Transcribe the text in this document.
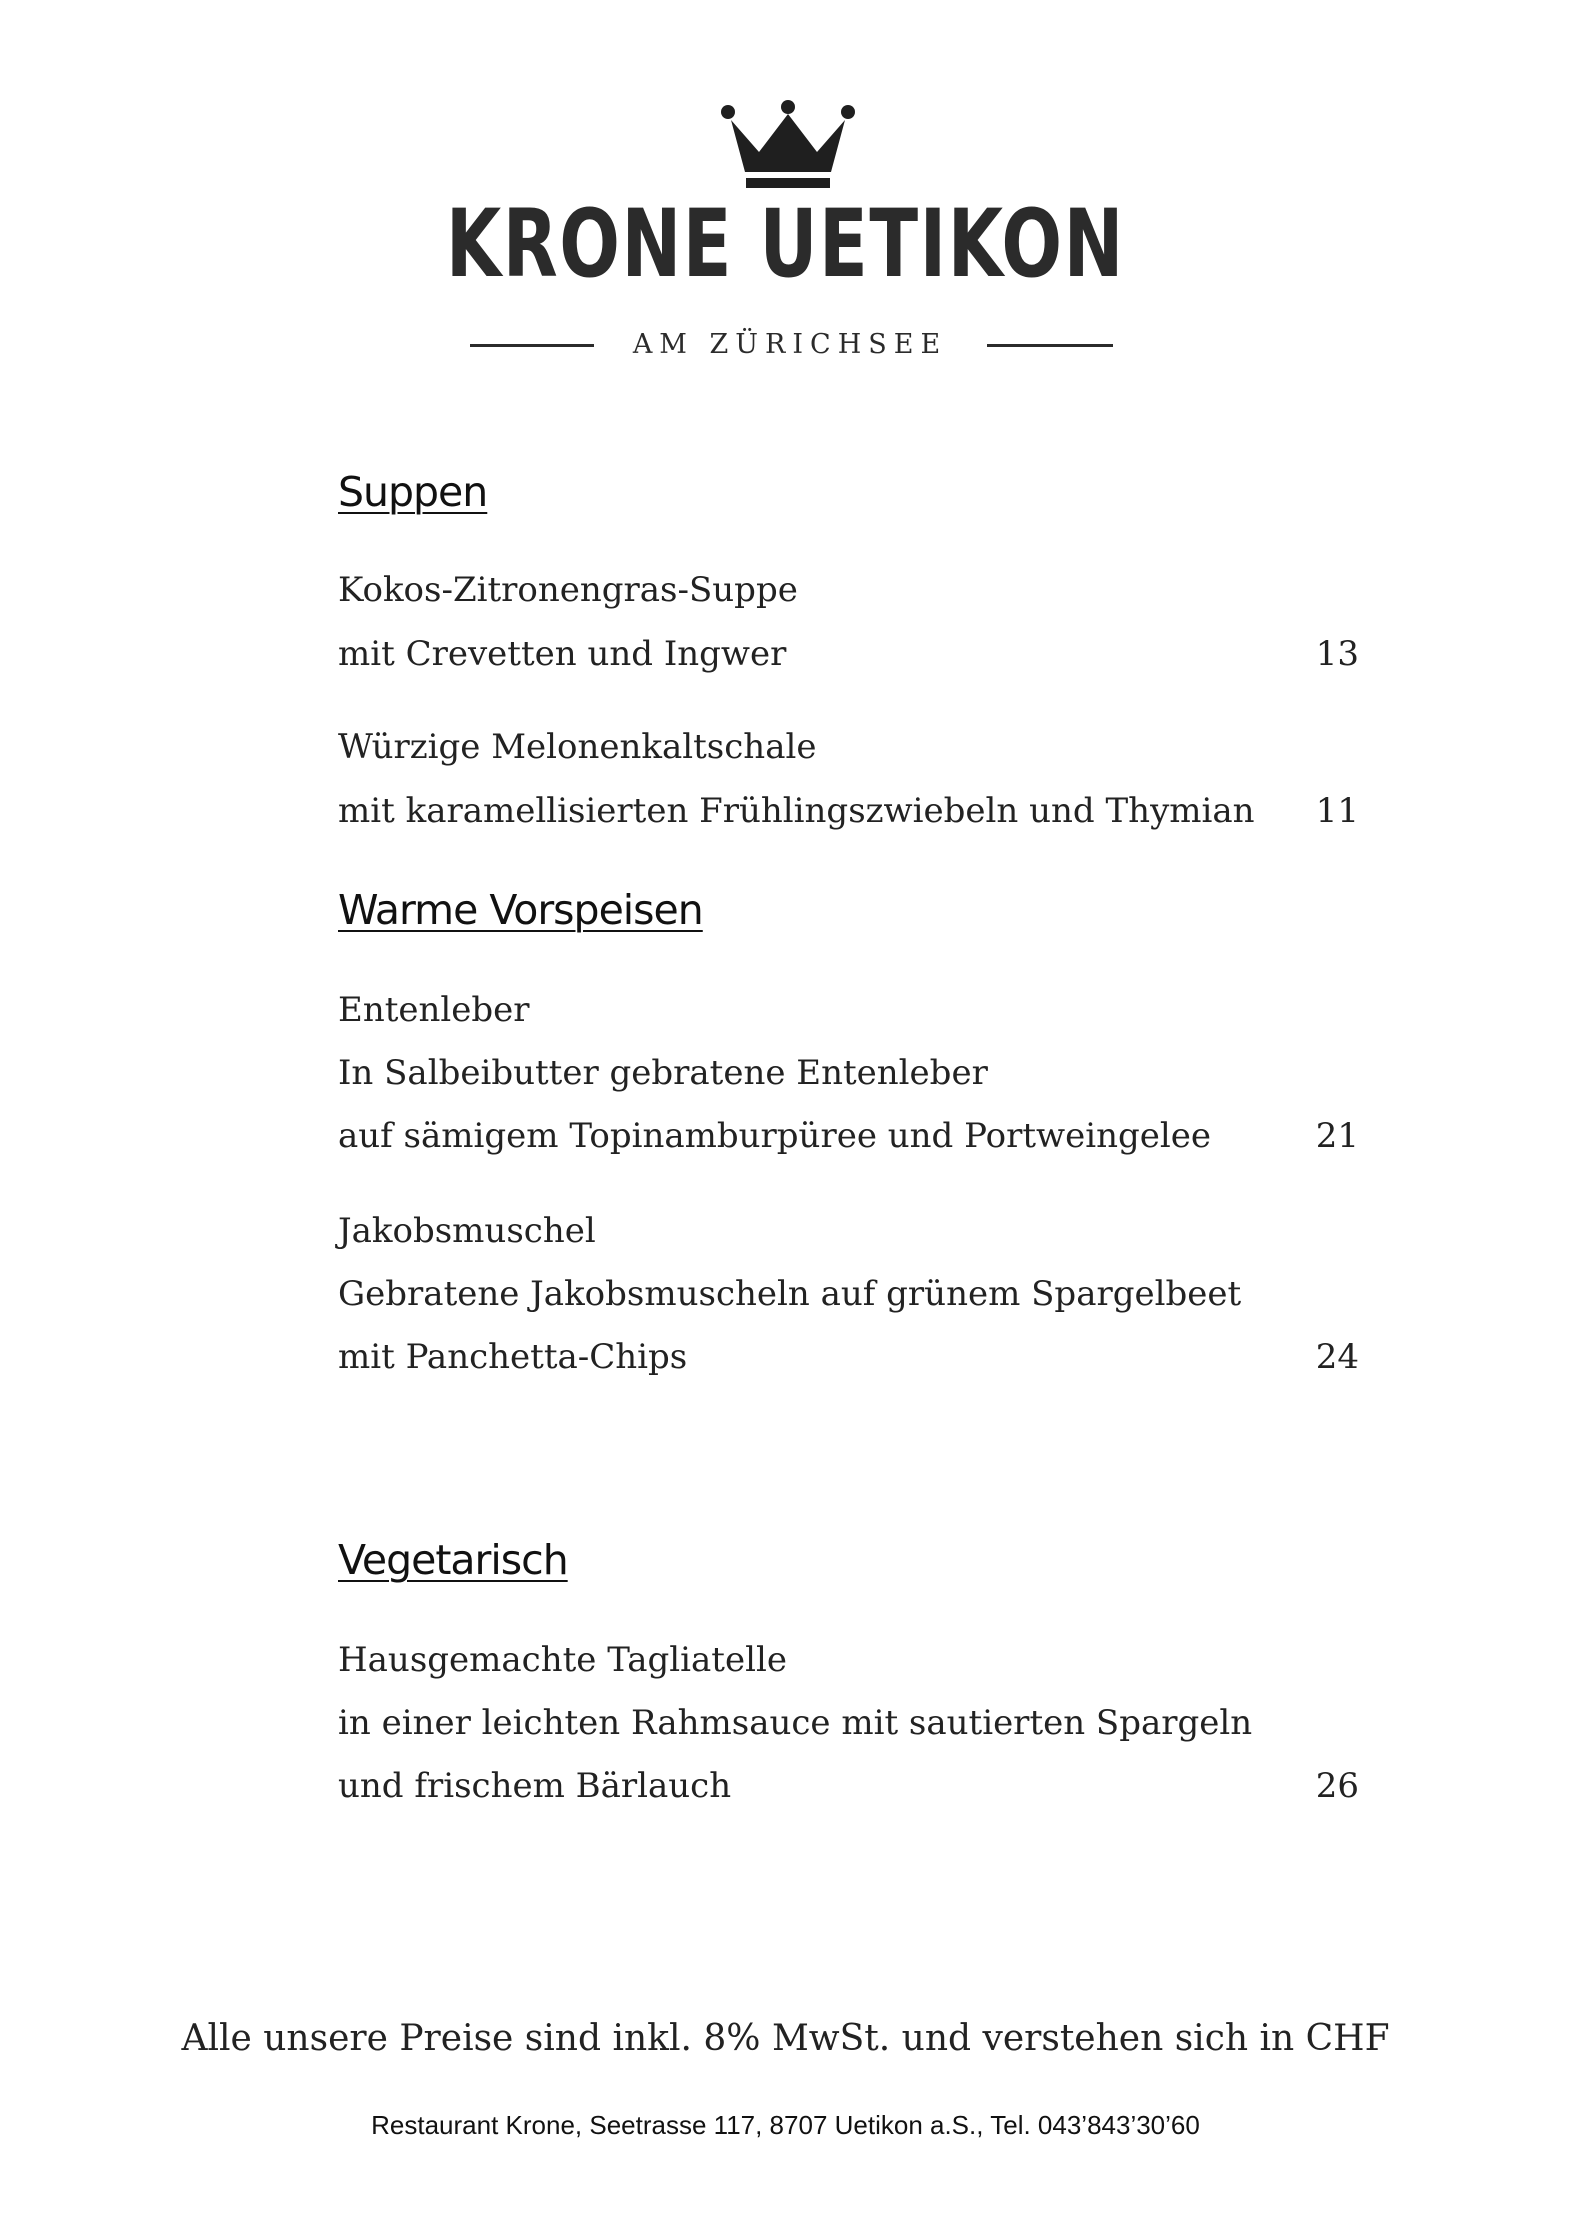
KRONE UETIKON
AM ZÜRICHSEE
Suppen
Kokos-Zitronengras-Suppe
mit Crevetten und Ingwer	13
Würzige Melonenkaltschale
mit karamellisierten Frühlingszwiebeln und Thymian 11
Warme Vorspeisen
Entenleber
In Salbeibutter gebratene Entenleber
auf sämigem Topinamburpüree und Portweingelee	21
Jakobsmuschel
Gebratene Jakobsmuscheln auf grünem Spargelbeet
mit Panchetta-Chips	24
Vegetarisch
Hausgemachte Tagliatelle
in einer leichten Rahmsauce mit sautierten Spargeln
und frischem Bärlauch	26
Alle unsere Preise sind inkl. 8% MwSt. und verstehen sich in CHF
Restaurant Krone, Seetrasse 117, 8707 Uetikon a.S., Tel. 043’843’30’60
